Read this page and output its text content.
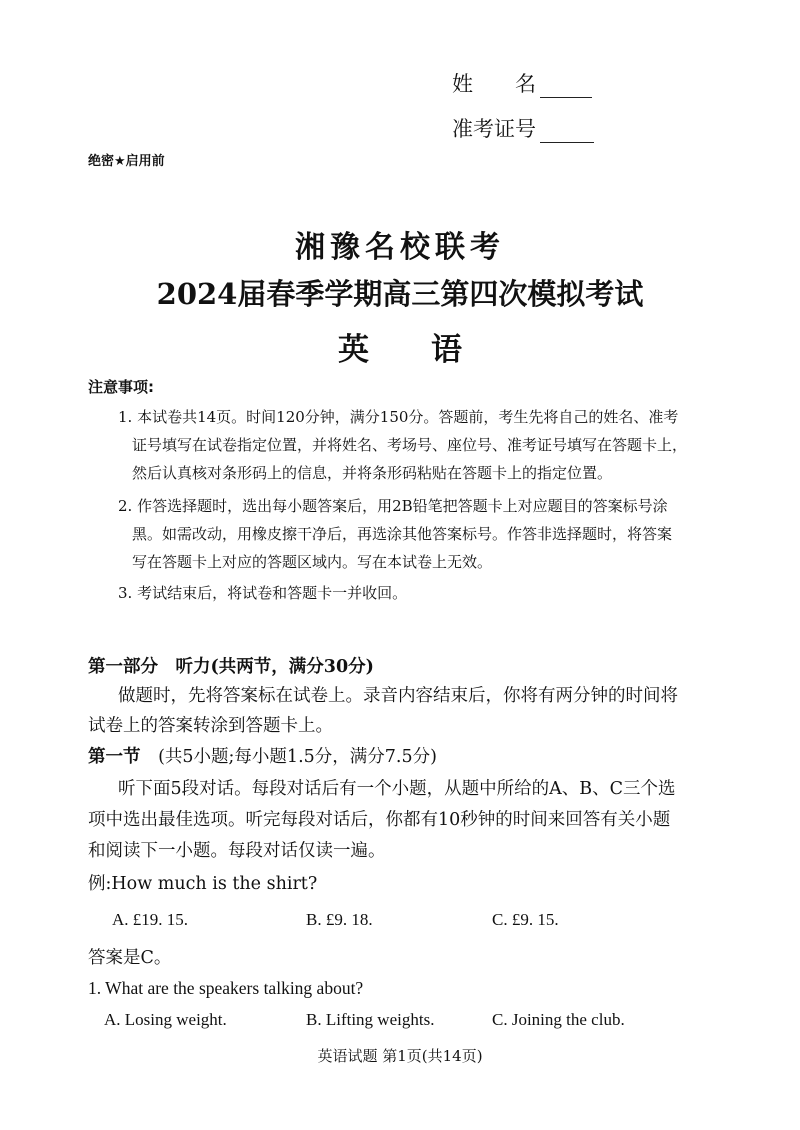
姓　　名
准考证号
绝密★启用前
湘豫名校联考
2024届春季学期高三第四次模拟考试
英　　语
注意事项:
1. 本试卷共14页。时间120分钟，满分150分。答题前，考生先将自己的姓名、准考
证号填写在试卷指定位置，并将姓名、考场号、座位号、准考证号填写在答题卡上，
然后认真核对条形码上的信息，并将条形码粘贴在答题卡上的指定位置。
2. 作答选择题时，选出每小题答案后，用2B铅笔把答题卡上对应题目的答案标号涂
黑。如需改动，用橡皮擦干净后，再选涂其他答案标号。作答非选择题时，将答案
写在答题卡上对应的答题区域内。写在本试卷上无效。
3. 考试结束后，将试卷和答题卡一并收回。
第一部分　听力(共两节，满分30分)
做题时，先将答案标在试卷上。录音内容结束后，你将有两分钟的时间将
试卷上的答案转涂到答题卡上。
第一节 (共5小题;每小题1.5分，满分7.5分)
听下面5段对话。每段对话后有一个小题，从题中所给的A、B、C三个选
项中选出最佳选项。听完每段对话后，你都有10秒钟的时间来回答有关小题
和阅读下一小题。每段对话仅读一遍。
例:How much is the shirt?
A. £19. 15.	B. £9. 18.	C. £9. 15.
答案是C。
1. What are the speakers talking about?
A. Losing weight.	B. Lifting weights.	C. Joining the club.
英语试题 第1页(共14页)
